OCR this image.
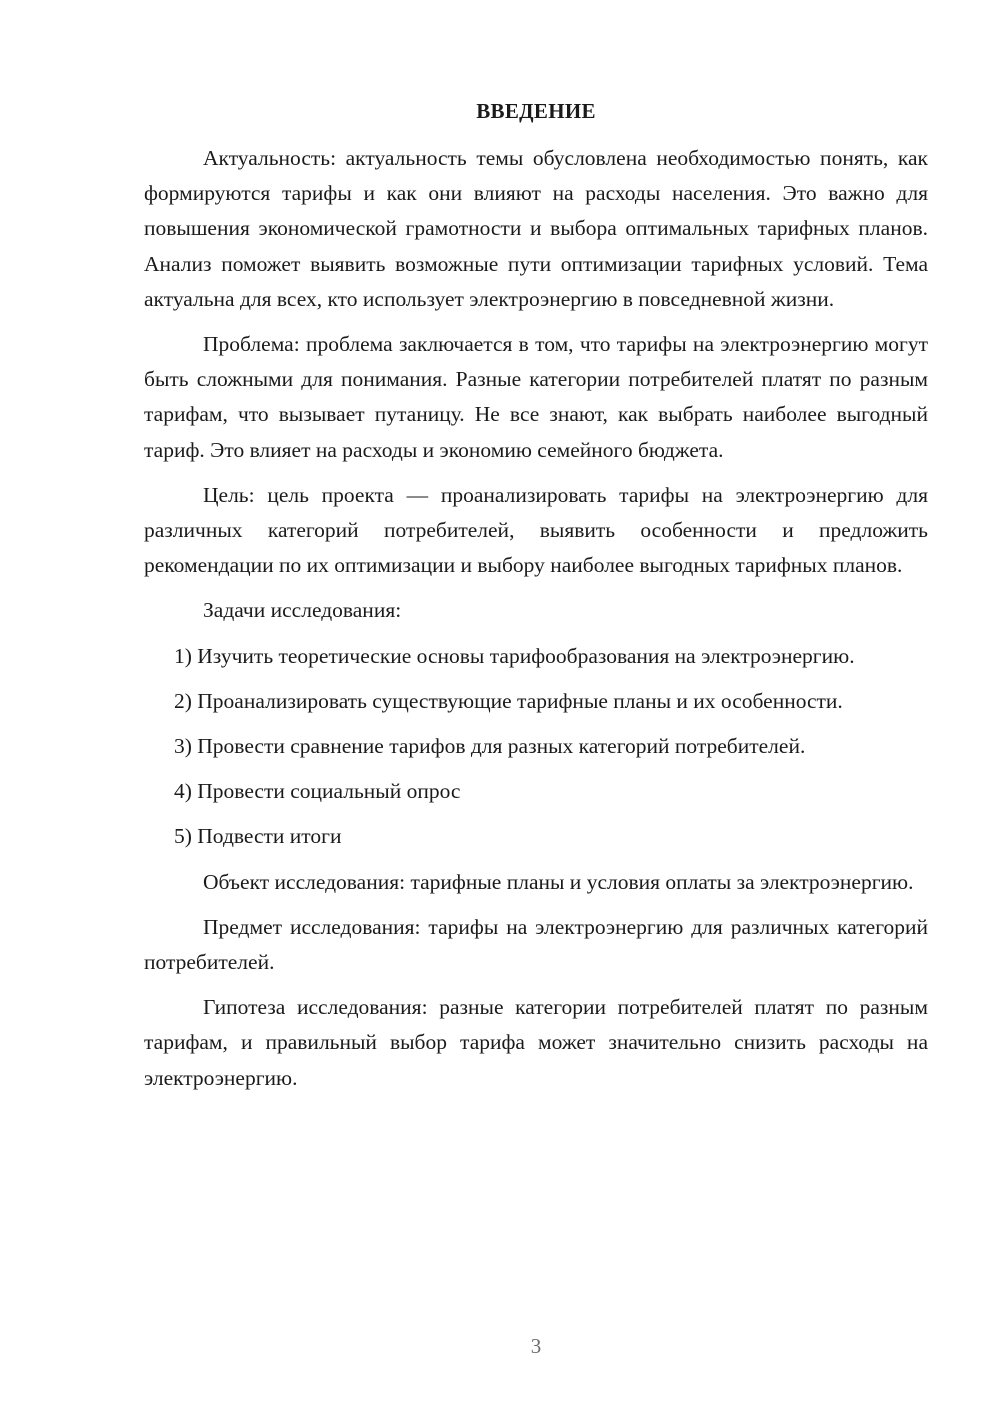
ВВЕДЕНИЕ

Актуальность: актуальность темы обусловлена необходимостью понять, как формируются тарифы и как они влияют на расходы населения. Это важно для повышения экономической грамотности и выбора оптимальных тарифных планов. Анализ поможет выявить возможные пути оптимизации тарифных условий. Тема актуальна для всех, кто использует электроэнергию в повседневной жизни.

Проблема: проблема заключается в том, что тарифы на электроэнергию могут быть сложными для понимания. Разные категории потребителей платят по разным тарифам, что вызывает путаницу. Не все знают, как выбрать наиболее выгодный тариф. Это влияет на расходы и экономию семейного бюджета.

Цель: цель проекта — проанализировать тарифы на электроэнергию для различных категорий потребителей, выявить особенности и предложить рекомендации по их оптимизации и выбору наиболее выгодных тарифных планов.

Задачи исследования:

1) Изучить теоретические основы тарифообразования на электроэнергию.

2) Проанализировать существующие тарифные планы и их особенности.

3) Провести сравнение тарифов для разных категорий потребителей.

4) Провести социальный опрос

5) Подвести итоги

Объект исследования: тарифные планы и условия оплаты за электроэнергию.

Предмет исследования: тарифы на электроэнергию для различных категорий потребителей.

Гипотеза исследования: разные категории потребителей платят по разным тарифам, и правильный выбор тарифа может значительно снизить расходы на электроэнергию.

3
